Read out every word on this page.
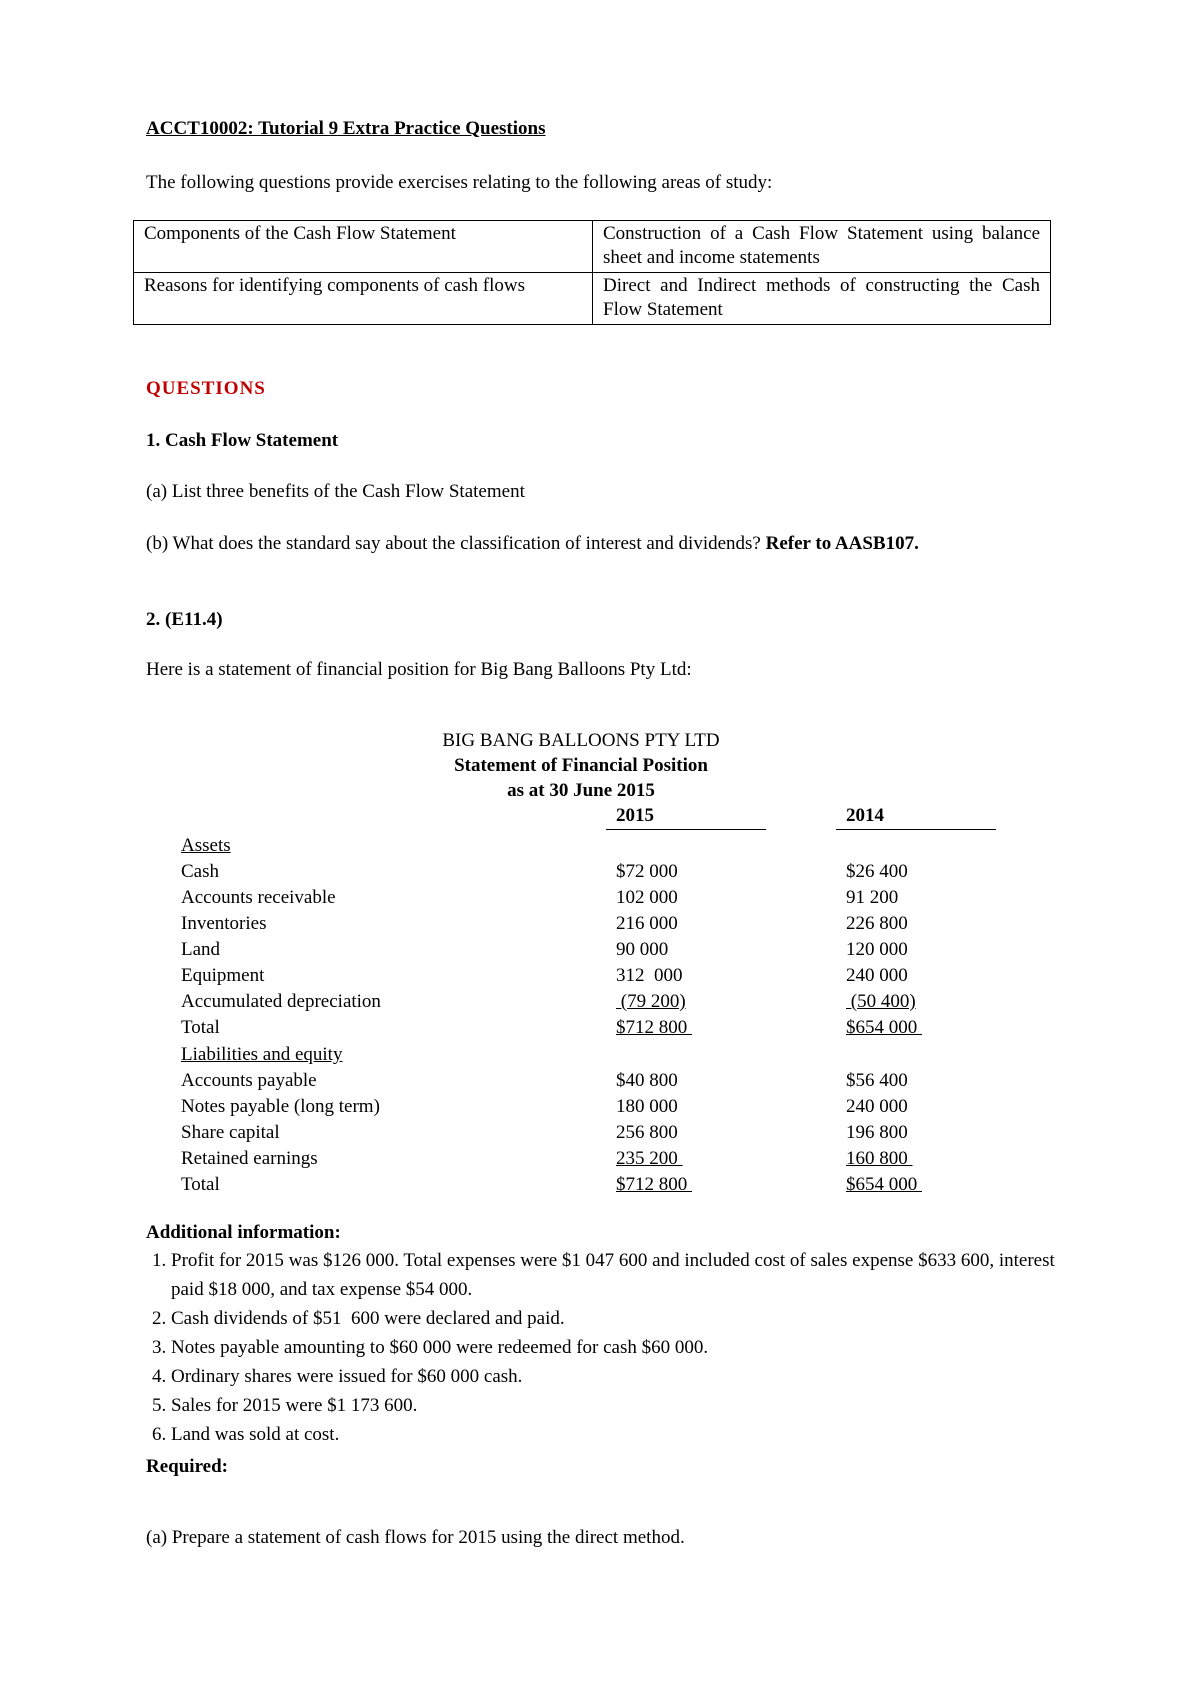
ACCT10002: Tutorial 9 Extra Practice Questions
The following questions provide exercises relating to the following areas of study:
Components of the Cash Flow Statement	Construction of a Cash Flow Statement using balance sheet and income statements
Reasons for identifying components of cash flows	Direct and Indirect methods of constructing the Cash Flow Statement
QUESTIONS
1. Cash Flow Statement
(a) List three benefits of the Cash Flow Statement
(b) What does the standard say about the classification of interest and dividends? Refer to AASB107.
2. (E11.4)
Here is a statement of financial position for Big Bang Balloons Pty Ltd:
BIG BANG BALLOONS PTY LTD
Statement of Financial Position
as at 30 June 2015
2015	2014
Assets
Cash	$72 000	$26 400
Accounts receivable	102 000	91 200
Inventories	216 000	226 800
Land	90 000	120 000
Equipment	312  000	240 000
Accumulated depreciation	(79 200)	(50 400)
Total	$712 800	$654 000
Liabilities and equity
Accounts payable	$40 800	$56 400
Notes payable (long term)	180 000	240 000
Share capital	256 800	196 800
Retained earnings	235 200	160 800
Total	$712 800	$654 000
Additional information:
1. Profit for 2015 was $126 000. Total expenses were $1 047 600 and included cost of sales expense $633 600, interest paid $18 000, and tax expense $54 000.
2. Cash dividends of $51  600 were declared and paid.
3. Notes payable amounting to $60 000 were redeemed for cash $60 000.
4. Ordinary shares were issued for $60 000 cash.
5. Sales for 2015 were $1 173 600.
6. Land was sold at cost.
Required:
(a) Prepare a statement of cash flows for 2015 using the direct method.
